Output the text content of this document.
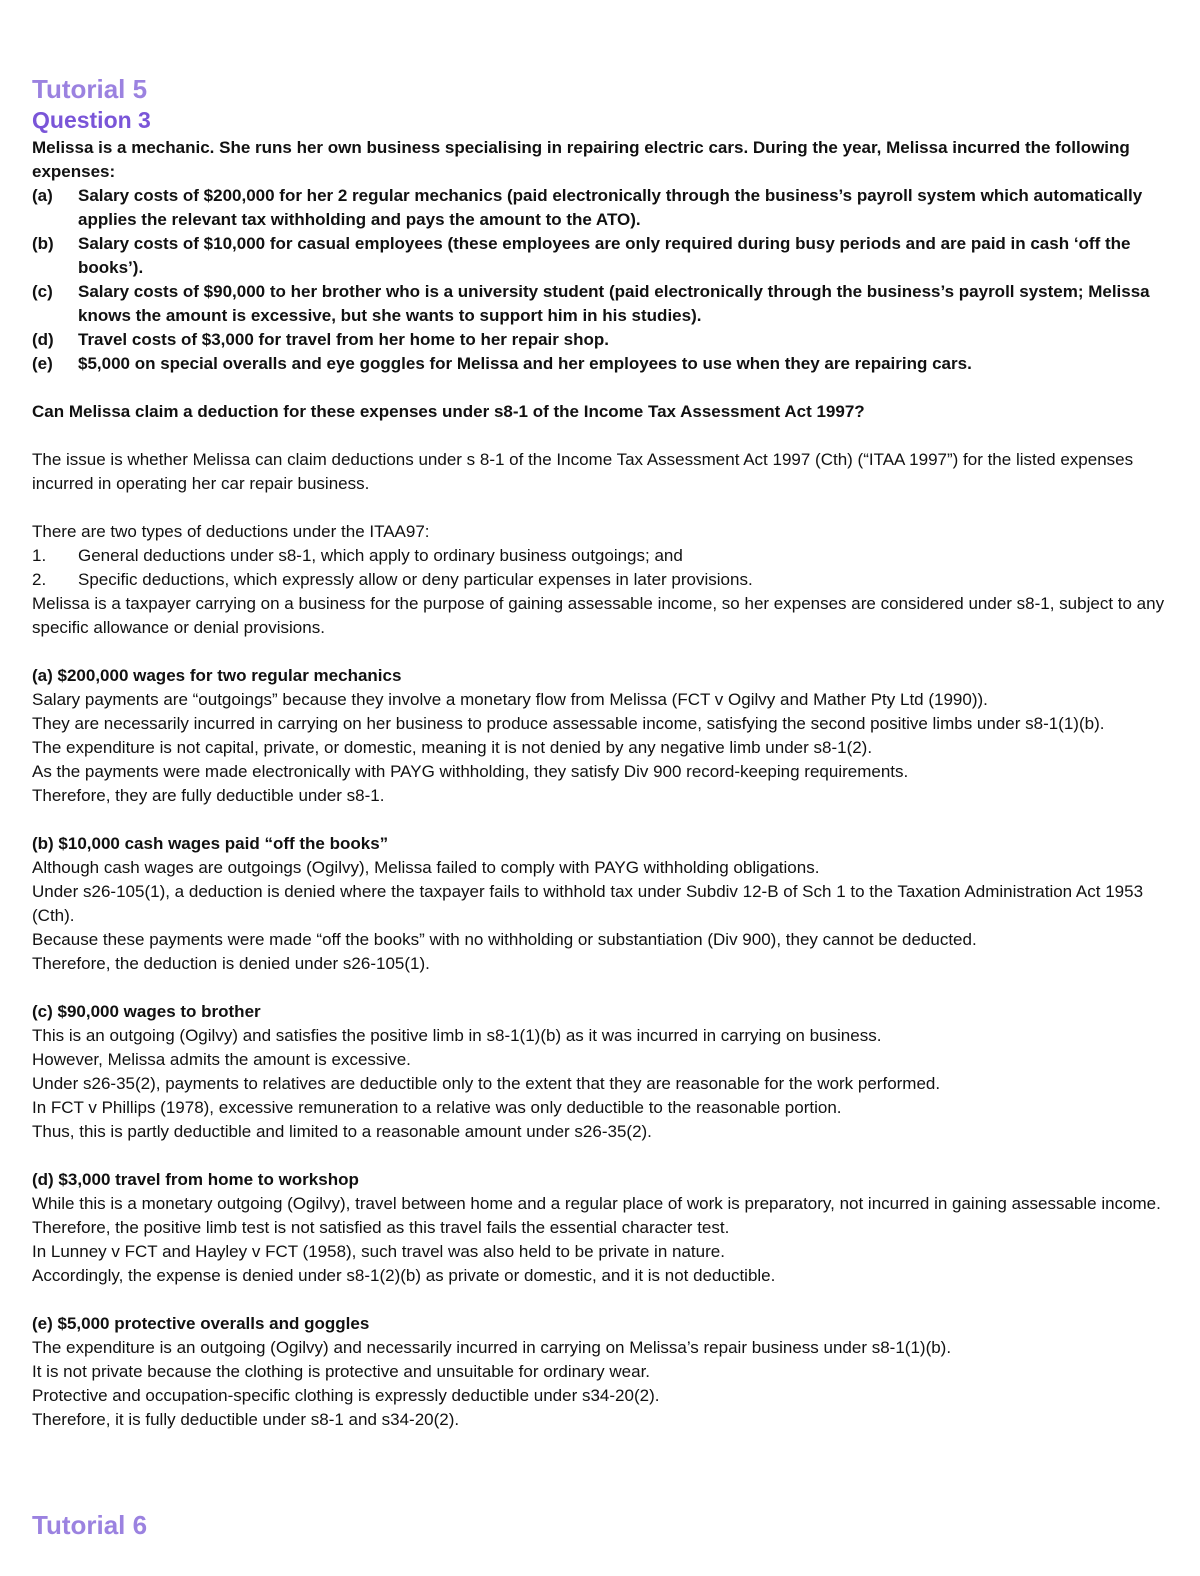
Tutorial 5
Question 3

Melissa is a mechanic. She runs her own business specialising in repairing electric cars. During the year, Melissa incurred the following expenses:

(a)	Salary costs of $200,000 for her 2 regular mechanics (paid electronically through the business’s payroll system which automatically applies the relevant tax withholding and pays the amount to the ATO).
(b)	Salary costs of $10,000 for casual employees (these employees are only required during busy periods and are paid in cash ‘off the books’).
(c)	Salary costs of $90,000 to her brother who is a university student (paid electronically through the business’s payroll system; Melissa knows the amount is excessive, but she wants to support him in his studies).
(d)	Travel costs of $3,000 for travel from her home to her repair shop.
(e)	$5,000 on special overalls and eye goggles for Melissa and her employees to use when they are repairing cars.

Can Melissa claim a deduction for these expenses under s8-1 of the Income Tax Assessment Act 1997?

The issue is whether Melissa can claim deductions under s 8-1 of the Income Tax Assessment Act 1997 (Cth) (“ITAA 1997”) for the listed expenses incurred in operating her car repair business.

There are two types of deductions under the ITAA97:

1.	General deductions under s8-1, which apply to ordinary business outgoings; and
2.	Specific deductions, which expressly allow or deny particular expenses in later provisions.

Melissa is a taxpayer carrying on a business for the purpose of gaining assessable income, so her expenses are considered under s8-1, subject to any specific allowance or denial provisions.

(a) $200,000 wages for two regular mechanics

Salary payments are “outgoings” because they involve a monetary flow from Melissa (FCT v Ogilvy and Mather Pty Ltd (1990)).

They are necessarily incurred in carrying on her business to produce assessable income, satisfying the second positive limbs under s8-1(1)(b).

The expenditure is not capital, private, or domestic, meaning it is not denied by any negative limb under s8-1(2).

As the payments were made electronically with PAYG withholding, they satisfy Div 900 record-keeping requirements.

Therefore, they are fully deductible under s8-1.

(b) $10,000 cash wages paid “off the books”

Although cash wages are outgoings (Ogilvy), Melissa failed to comply with PAYG withholding obligations.

Under s26-105(1), a deduction is denied where the taxpayer fails to withhold tax under Subdiv 12-B of Sch 1 to the Taxation Administration Act 1953 (Cth).

Because these payments were made “off the books” with no withholding or substantiation (Div 900), they cannot be deducted.

Therefore, the deduction is denied under s26-105(1).

(c) $90,000 wages to brother

This is an outgoing (Ogilvy) and satisfies the positive limb in s8-1(1)(b) as it was incurred in carrying on business.

However, Melissa admits the amount is excessive.

Under s26-35(2), payments to relatives are deductible only to the extent that they are reasonable for the work performed.

In FCT v Phillips (1978), excessive remuneration to a relative was only deductible to the reasonable portion.

Thus, this is partly deductible and limited to a reasonable amount under s26-35(2).

(d) $3,000 travel from home to workshop

While this is a monetary outgoing (Ogilvy), travel between home and a regular place of work is preparatory, not incurred in gaining assessable income. Therefore, the positive limb test is not satisfied as this travel fails the essential character test.

In Lunney v FCT and Hayley v FCT (1958), such travel was also held to be private in nature.

Accordingly, the expense is denied under s8-1(2)(b) as private or domestic, and it is not deductible.

(e) $5,000 protective overalls and goggles

The expenditure is an outgoing (Ogilvy) and necessarily incurred in carrying on Melissa’s repair business under s8-1(1)(b).

It is not private because the clothing is protective and unsuitable for ordinary wear.

Protective and occupation-specific clothing is expressly deductible under s34-20(2).

Therefore, it is fully deductible under s8-1 and s34-20(2).

Tutorial 6
